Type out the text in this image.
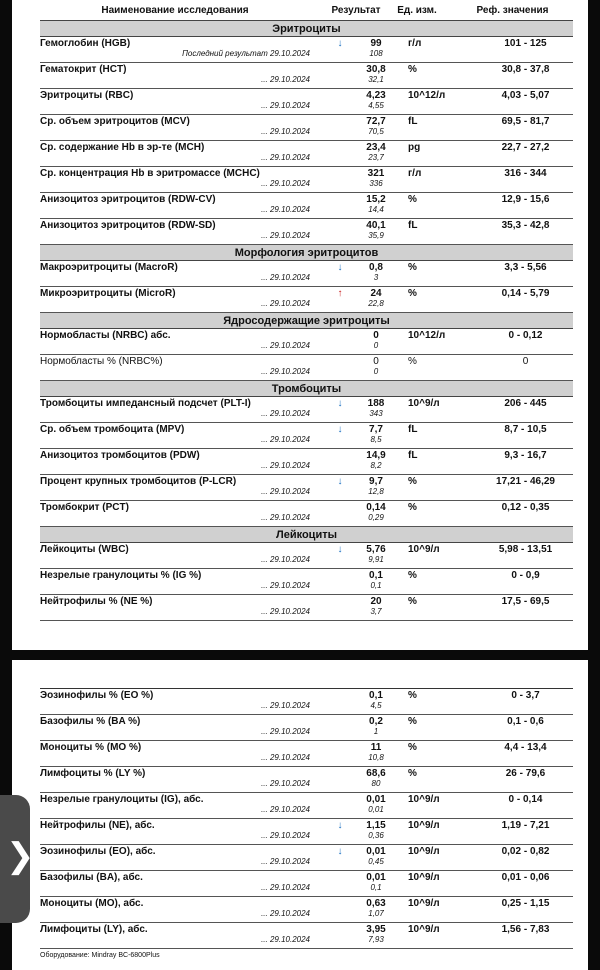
Наименование исследования	Результат	Ед. изм.	Реф. значения
Эритроциты				
Гемоглобин (HGB)	↓	99	г/л	101 - 125
Последний результат 29.10.2024		108		
Гематокрит (HCT)		30,8	%	30,8 - 37,8
... 29.10.2024		32,1		
Эритроциты (RBC)		4,23	10^12/л	4,03 - 5,07
... 29.10.2024		4,55		
Ср. объем эритроцитов (MCV)		72,7	fL	69,5 - 81,7
... 29.10.2024		70,5		
Ср. содержание Hb в эр-те (MCH)		23,4	pg	22,7 - 27,2
... 29.10.2024		23,7		
Ср. концентрация Hb в эритромассе (MCHC)		321	г/л	316 - 344
... 29.10.2024		336		
Анизоцитоз эритроцитов (RDW-CV)		15,2	%	12,9 - 15,6
... 29.10.2024		14,4		
Анизоцитоз эритроцитов (RDW-SD)		40,1	fL	35,3 - 42,8
... 29.10.2024		35,9		
Морфология эритроцитов				
Макроэритроциты (MacroR)	↓	0,8	%	3,3 - 5,56
... 29.10.2024		3		
Микроэритроциты (MicroR)	↑	24	%	0,14 - 5,79
... 29.10.2024		22,8		
Ядросодержащие эритроциты				
Нормобласты (NRBC) абс.		0	10^12/л	0 - 0,12
... 29.10.2024		0		
Нормобласты % (NRBC%)		0	%	0
... 29.10.2024		0		
Тромбоциты				
Тромбоциты импедансный подсчет (PLT-I)	↓	188	10^9/л	206 - 445
... 29.10.2024		343		
Ср. объем тромбоцита (MPV)	↓	7,7	fL	8,7 - 10,5
... 29.10.2024		8,5		
Анизоцитоз тромбоцитов (PDW)		14,9	fL	9,3 - 16,7
... 29.10.2024		8,2		
Процент крупных тромбоцитов (P-LCR)	↓	9,7	%	17,21 - 46,29
... 29.10.2024		12,8		
Тромбокрит (PCT)		0,14	%	0,12 - 0,35
... 29.10.2024		0,29		
Лейкоциты				
Лейкоциты (WBC)	↓	5,76	10^9/л	5,98 - 13,51
... 29.10.2024		9,91		
Незрелые гранулоциты % (IG %)		0,1	%	0 - 0,9
... 29.10.2024		0,1		
Нейтрофилы % (NE %)		20	%	17,5 - 69,5
... 29.10.2024		3,7		
Эозинофилы % (EO %)		0,1	%	0 - 3,7
... 29.10.2024		4,5		
Базофилы % (BA %)		0,2	%	0,1 - 0,6
... 29.10.2024		1		
Моноциты % (MO %)		11	%	4,4 - 13,4
... 29.10.2024		10,8		
Лимфоциты % (LY %)		68,6	%	26 - 79,6
... 29.10.2024		80		
Незрелые гранулоциты (IG), абс.		0,01	10^9/л	0 - 0,14
... 29.10.2024		0,01		
Нейтрофилы (NE), абс.	↓	1,15	10^9/л	1,19 - 7,21
... 29.10.2024		0,36		
Эозинофилы (EO), абс.	↓	0,01	10^9/л	0,02 - 0,82
... 29.10.2024		0,45		
Базофилы (BA), абс.		0,01	10^9/л	0,01 - 0,06
... 29.10.2024		0,1		
Моноциты (MO), абс.		0,63	10^9/л	0,25 - 1,15
... 29.10.2024		1,07		
Лимфоциты (LY), абс.		3,95	10^9/л	1,56 - 7,83
... 29.10.2024		7,93		
Оборудование: Mindray BC-6800Plus
❯
